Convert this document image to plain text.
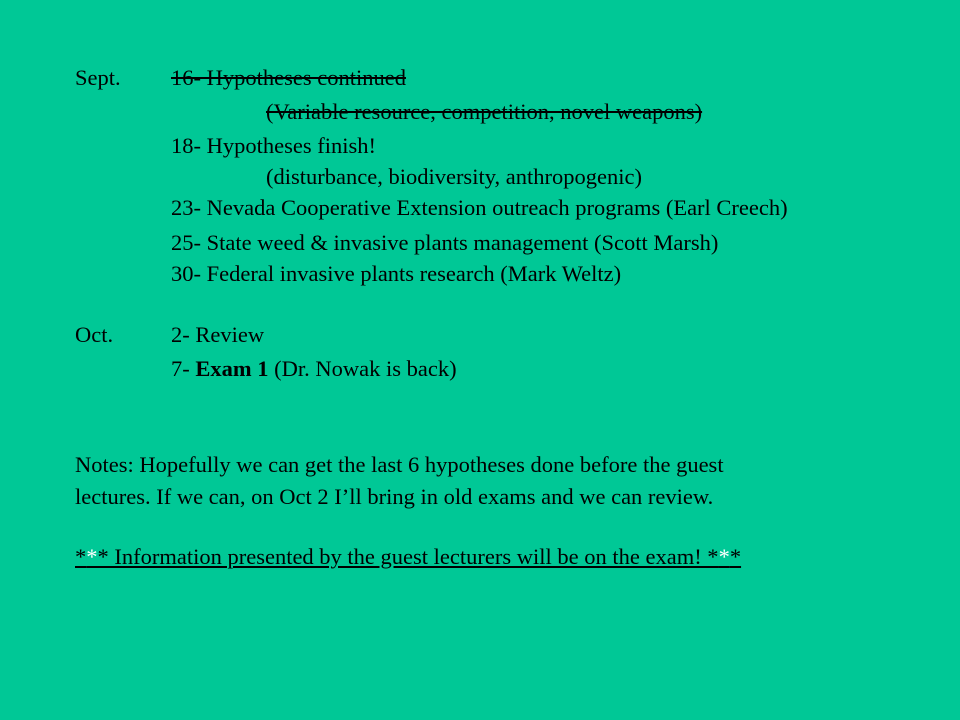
Sept. 16- Hypotheses continued
(Variable resource, competition, novel weapons)
18- Hypotheses finish!
(disturbance, biodiversity, anthropogenic)
23- Nevada Cooperative Extension outreach programs (Earl Creech)
25- State weed & invasive plants management (Scott Marsh)
30- Federal invasive plants research (Mark Weltz)
Oct.	2- Review
7- Exam 1 (Dr. Nowak is back)
Notes: Hopefully we can get the last 6 hypotheses done before the guest
lectures. If we can, on Oct 2 I’ll bring in old exams and we can review.
*** Information presented by the guest lecturers will be on the exam! ***
